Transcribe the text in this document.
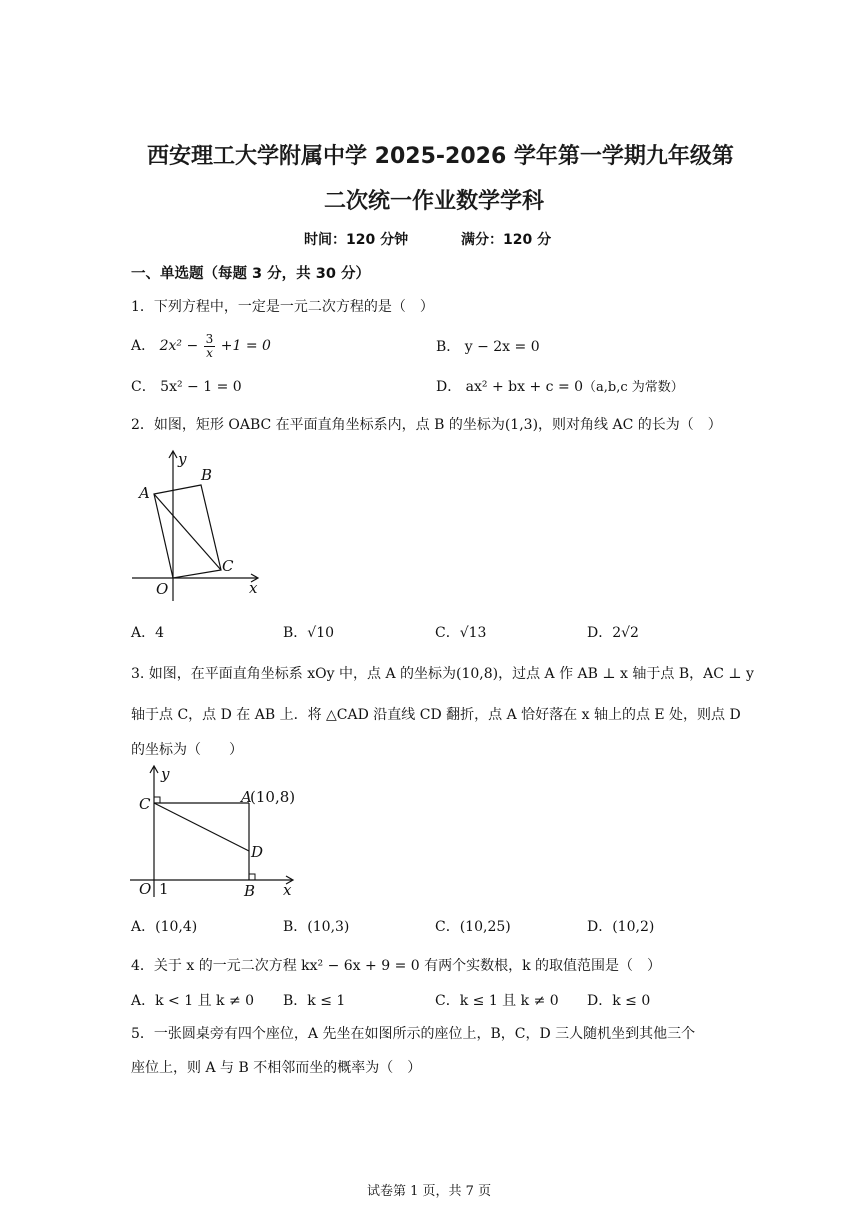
西安理工大学附属中学 2025-2026 学年第一学期九年级第
二次统一作业数学学科
时间：120 分钟	满分：120 分
一、单选题（每题 3 分，共 30 分）
1．下列方程中，一定是一元二次方程的是（　）
A． $2x^2 - \frac{3}{x} +1 = 0$	B． y − 2x = 0
C． 5x² − 1 = 0	D． ax² + bx + c = 0（a,b,c 为常数）
2．如图，矩形 OABC 在平面直角坐标系内，点 B 的坐标为(1,3)，则对角线 AC 的长为（　）
y
x
O
A
B
C
A．4	B．√10	C．√13	D．2√2
3. 如图，在平面直角坐标系 xOy 中，点 A 的坐标为(10,8)，过点 A 作 AB ⊥ x 轴于点 B，AC ⊥ y
轴于点 C，点 D 在 AB 上．将 △CAD 沿直线 CD 翻折，点 A 恰好落在 x 轴上的点 E 处，则点 D
的坐标为（　　）
y
x
O 1
C	A
(10,8)
D
B
A．(10,4)	B．(10,3)	C．(10,25)	D．(10,2)
4．关于 x 的一元二次方程 kx² − 6x + 9 = 0 有两个实数根，k 的取值范围是（　）
A．k < 1 且 k ≠ 0 B．k ≤ 1	C．k ≤ 1 且 k ≠ 0 D．k ≤ 0
5．一张圆桌旁有四个座位，A 先坐在如图所示的座位上，B，C，D 三人随机坐到其他三个
座位上，则 A 与 B 不相邻而坐的概率为（　）
试卷第 1 页，共 7 页
